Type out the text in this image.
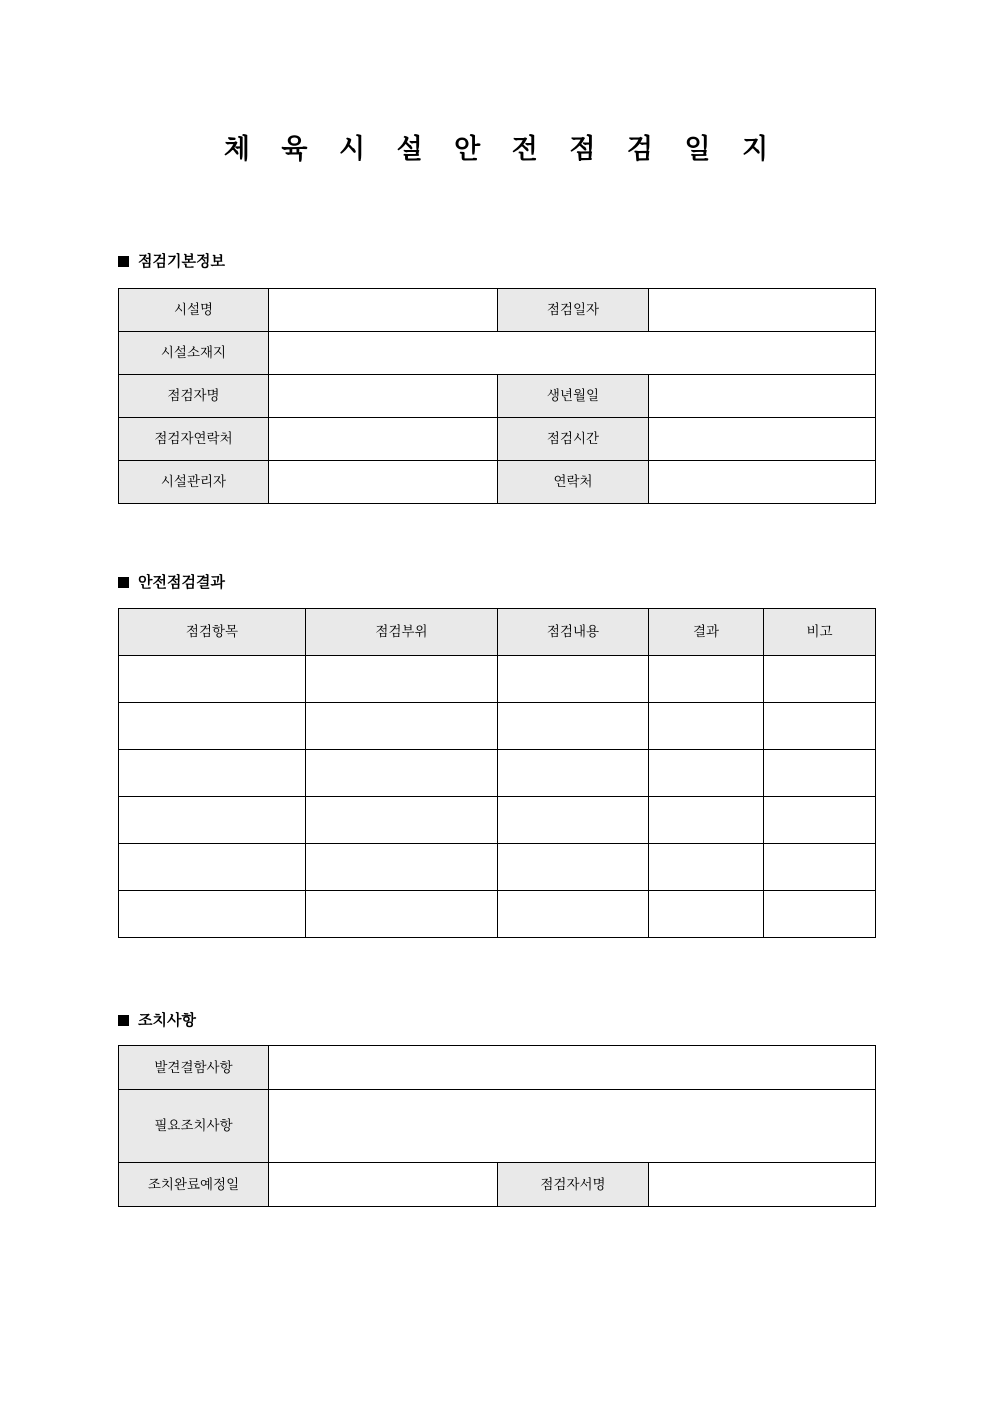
체 육 시 설 안 전 점 검 일 지
점검기본정보
시설명		점검일자	
시설소재지			
점검자명		생년월일	
점검자연락처		점검시간	
시설관리자		연락처	
안전점검결과
점검항목	점검부위	점검내용	결과	비고

조치사항
발견결함사항			
필요조치사항			
조치완료예정일		점검자서명	
